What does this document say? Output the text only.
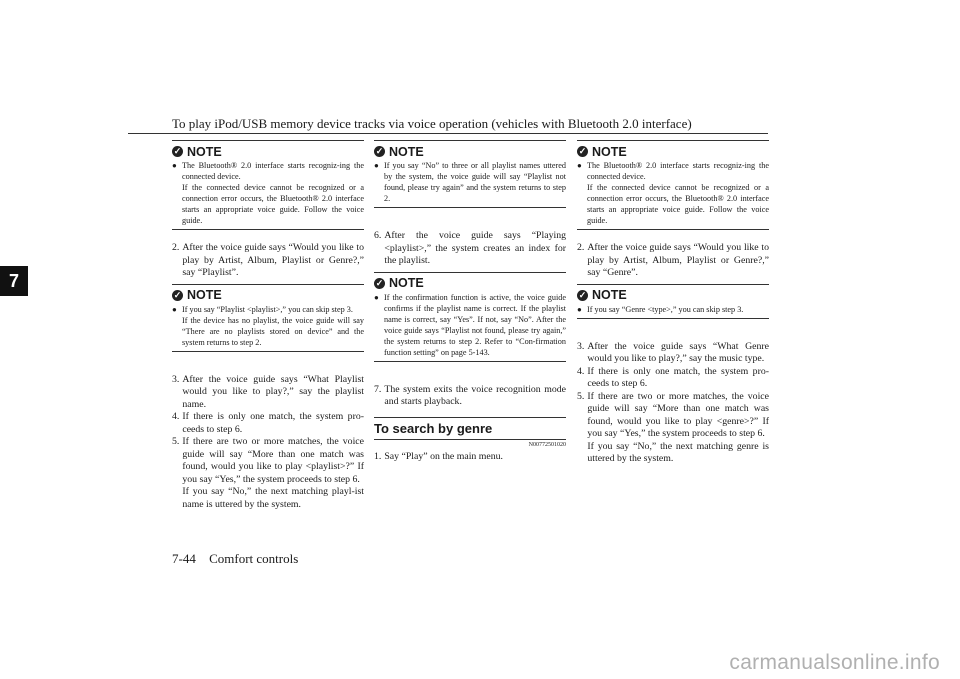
To play iPod/USB memory device tracks via voice operation (vehicles with Bluetooth 2.0 interface)
7
✓ NOTE
● The Bluetooth® 2.0 interface starts recogniz-ing the connected device.

If the connected device cannot be recognized or a connection error occurs, the Bluetooth® 2.0 interface starts an appropriate voice guide. Follow the voice guide.

2. After the voice guide says “Would you like to play by Artist, Album, Playlist or Genre?,” say “Playlist”.

✓ NOTE
● If you say “Playlist <playlist>,” you can skip step 3.

If the device has no playlist, the voice guide will say “There are no playlists stored on device” and the system returns to step 2.

3. After the voice guide says “What Playlist would you like to play?,” say the playlist name.

4. If there is only one match, the system pro-ceeds to step 6.

5. If there are two or more matches, the voice guide will say “More than one match was found, would you like to play <playlist>?” If you say “Yes,” the system proceeds to step 6.

If you say “No,” the next matching playl-ist name is uttered by the system.

✓ NOTE
● If you say “No” to three or all playlist names uttered by the system, the voice guide will say “Playlist not found, please try again” and the system returns to step 2.

6. After the voice guide says “Playing <playlist>,” the system creates an index for the playlist.

✓ NOTE
● If the confirmation function is active, the voice guide confirms if the playlist name is correct. If the playlist name is correct, say “Yes”. If not, say “No”. After the voice guide says “Playlist not found, please try again,” the system returns to step 2. Refer to “Con-firmation function setting” on page 5-143.

7. The system exits the voice recognition mode and starts playback.

To search by genre
N00772501020
1. Say “Play” on the main menu.

✓ NOTE
● The Bluetooth® 2.0 interface starts recogniz-ing the connected device.

If the connected device cannot be recognized or a connection error occurs, the Bluetooth® 2.0 interface starts an appropriate voice guide. Follow the voice guide.

2. After the voice guide says “Would you like to play by Artist, Album, Playlist or Genre?,” say “Genre”.

✓ NOTE
● If you say “Genre <type>,” you can skip step 3.

3. After the voice guide says “What Genre would you like to play?,” say the music type.

4. If there is only one match, the system pro-ceeds to step 6.

5. If there are two or more matches, the voice guide will say “More than one match was found, would you like to play <genre>?” If you say “Yes,” the system proceeds to step 6.

If you say “No,” the next matching genre is uttered by the system.

7-44 Comfort controls
carmanualsonline.info
